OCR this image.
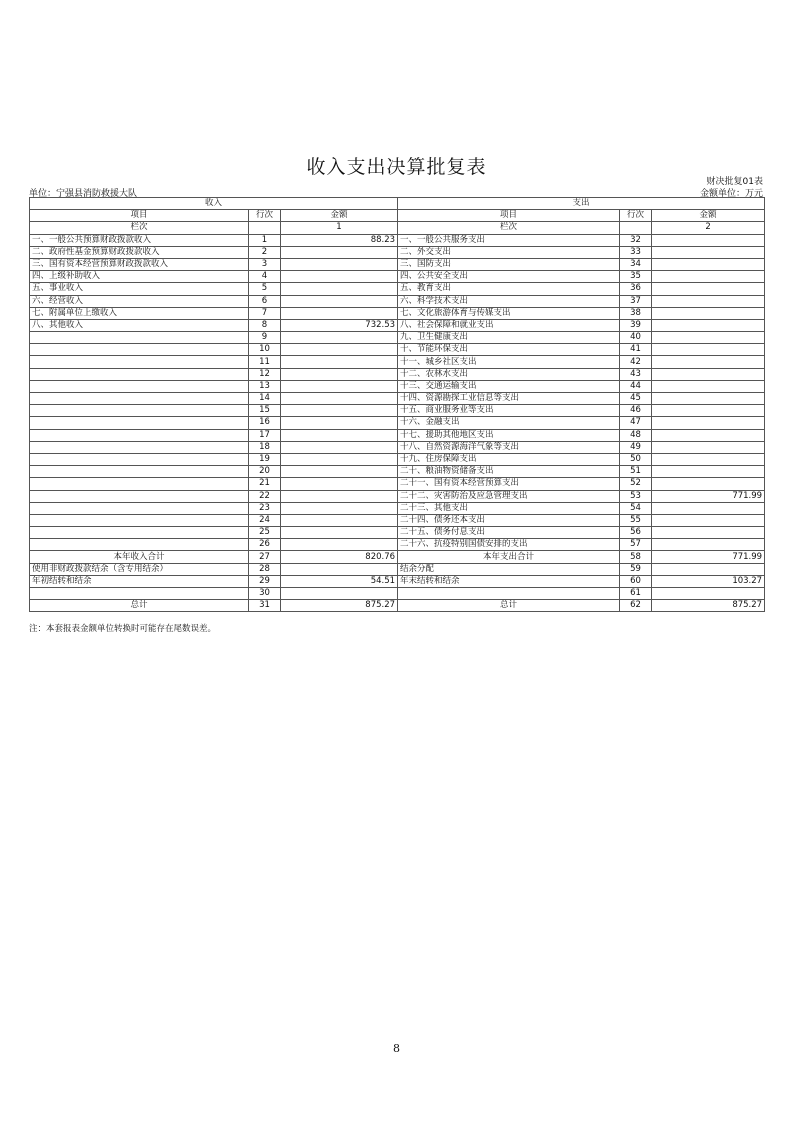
收入支出决算批复表
财决批复01表
单位：宁强县消防救援大队	金额单位：万元
收入			支出		
项目	行次	金额	项目	行次	金额
栏次		1	栏次		2
一、一般公共预算财政拨款收入	1	88.23	一、一般公共服务支出	32	
二、政府性基金预算财政拨款收入	2		二、外交支出	33	
三、国有资本经营预算财政拨款收入	3		三、国防支出	34	
四、上级补助收入	4		四、公共安全支出	35	
五、事业收入	5		五、教育支出	36	
六、经营收入	6		六、科学技术支出	37	
七、附属单位上缴收入	7		七、文化旅游体育与传媒支出	38	
八、其他收入	8	732.53	八、社会保障和就业支出	39	
	9		九、卫生健康支出	40	
	10		十、节能环保支出	41	
	11		十一、城乡社区支出	42	
	12		十二、农林水支出	43	
	13		十三、交通运输支出	44	
	14		十四、资源勘探工业信息等支出	45	
	15		十五、商业服务业等支出	46	
	16		十六、金融支出	47	
	17		十七、援助其他地区支出	48	
	18		十八、自然资源海洋气象等支出	49	
	19		十九、住房保障支出	50	
	20		二十、粮油物资储备支出	51	
	21		二十一、国有资本经营预算支出	52	
	22		二十二、灾害防治及应急管理支出	53	771.99
	23		二十三、其他支出	54	
	24		二十四、债务还本支出	55	
	25		二十五、债务付息支出	56	
	26		二十六、抗疫特别国债安排的支出	57	
本年收入合计	27	820.76	本年支出合计	58	771.99
使用非财政拨款结余（含专用结余）	28		结余分配	59	
年初结转和结余	29	54.51	年末结转和结余	60	103.27
	30			61	
总计	31	875.27	总计	62	875.27
注：本套报表金额单位转换时可能存在尾数误差。
8
